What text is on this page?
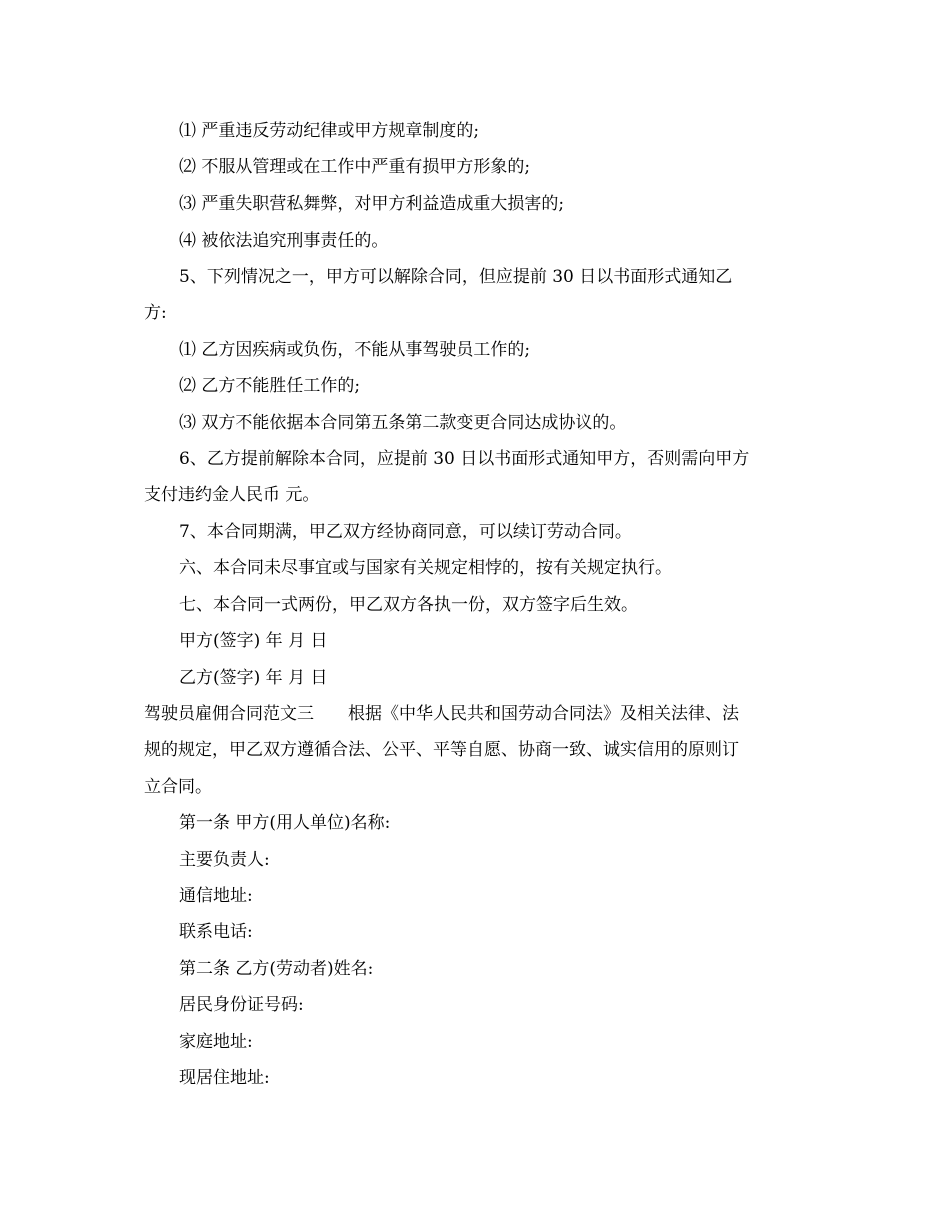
⑴ 严重违反劳动纪律或甲方规章制度的;
⑵ 不服从管理或在工作中严重有损甲方形象的;
⑶ 严重失职营私舞弊，对甲方利益造成重大损害的;
⑷ 被依法追究刑事责任的。
5、下列情况之一，甲方可以解除合同，但应提前 30 日以书面形式通知乙
方:
⑴ 乙方因疾病或负伤，不能从事驾驶员工作的;
⑵ 乙方不能胜任工作的;
⑶ 双方不能依据本合同第五条第二款变更合同达成协议的。
6、乙方提前解除本合同，应提前 30 日以书面形式通知甲方，否则需向甲方
支付违约金人民币 元。
7、本合同期满，甲乙双方经协商同意，可以续订劳动合同。
六、本合同未尽事宜或与国家有关规定相悖的，按有关规定执行。
七、本合同一式两份，甲乙双方各执一份，双方签字后生效。
甲方(签字) 年 月 日
乙方(签字) 年 月 日
驾驶员雇佣合同范文三　　根据《中华人民共和国劳动合同法》及相关法律、法
规的规定，甲乙双方遵循合法、公平、平等自愿、协商一致、诚实信用的原则订
立合同。
第一条 甲方(用人单位)名称:
主要负责人:
通信地址:
联系电话:
第二条 乙方(劳动者)姓名:
居民身份证号码:
家庭地址:
现居住地址:
